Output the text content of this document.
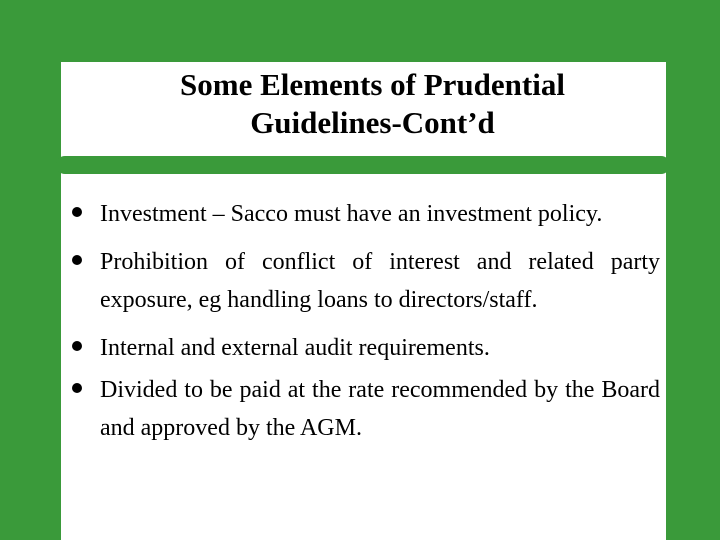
Some Elements of Prudential
Guidelines-Cont’d
Investment – Sacco must have an investment policy.
Prohibition of conflict of interest and related party exposure, eg handling loans to directors/staff.
Internal and external audit requirements.
Divided to be paid at the rate recommended by the Board and approved by the AGM.
